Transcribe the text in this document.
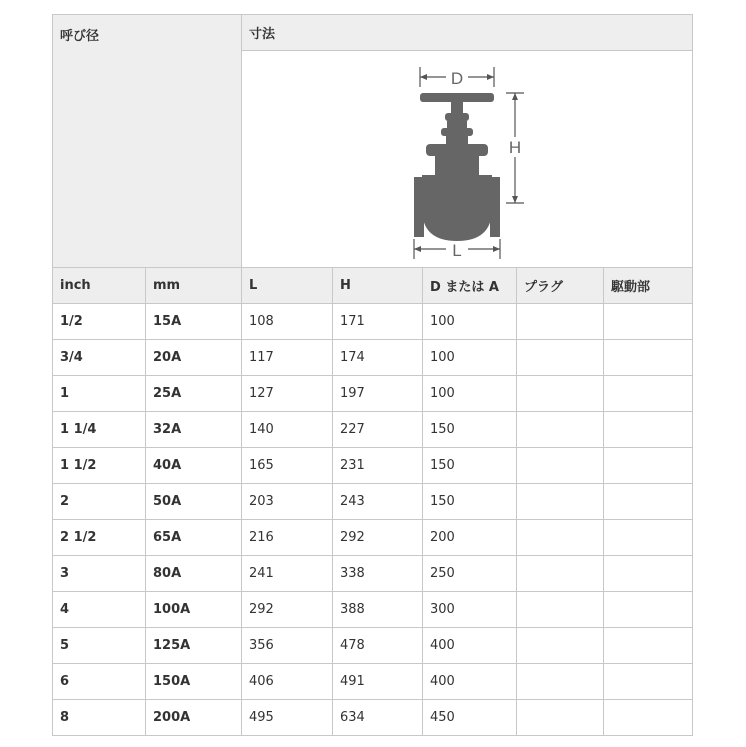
呼び径		寸法				

D
H
L				

inch	mm	L	H	D または A	プラグ	駆動部
1/2	15A	108	171	100		
3/4	20A	117	174	100		
1	25A	127	197	100		
1 1/4	32A	140	227	150		
1 1/2	40A	165	231	150		
2	50A	203	243	150		
2 1/2	65A	216	292	200		
3	80A	241	338	250		
4	100A	292	388	300		
5	125A	356	478	400		
6	150A	406	491	400		
8	200A	495	634	450		
